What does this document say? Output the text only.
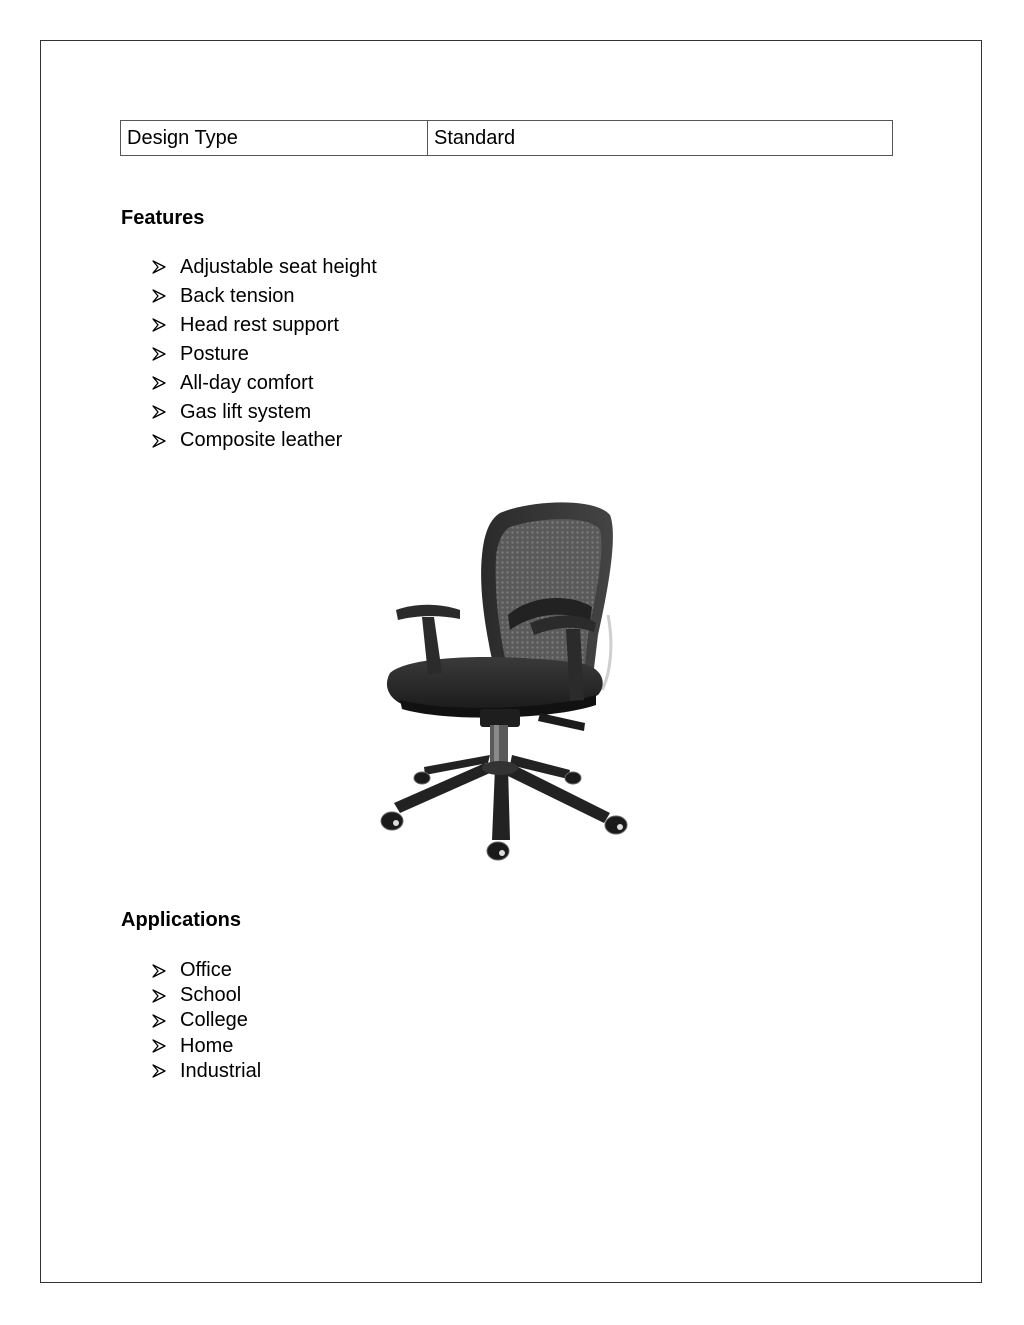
Design Type	Standard
Features
Adjustable seat height
Back tension
Head rest support
Posture
All-day comfort
Gas lift system
Composite leather
Applications
Office
School
College
Home
Industrial
